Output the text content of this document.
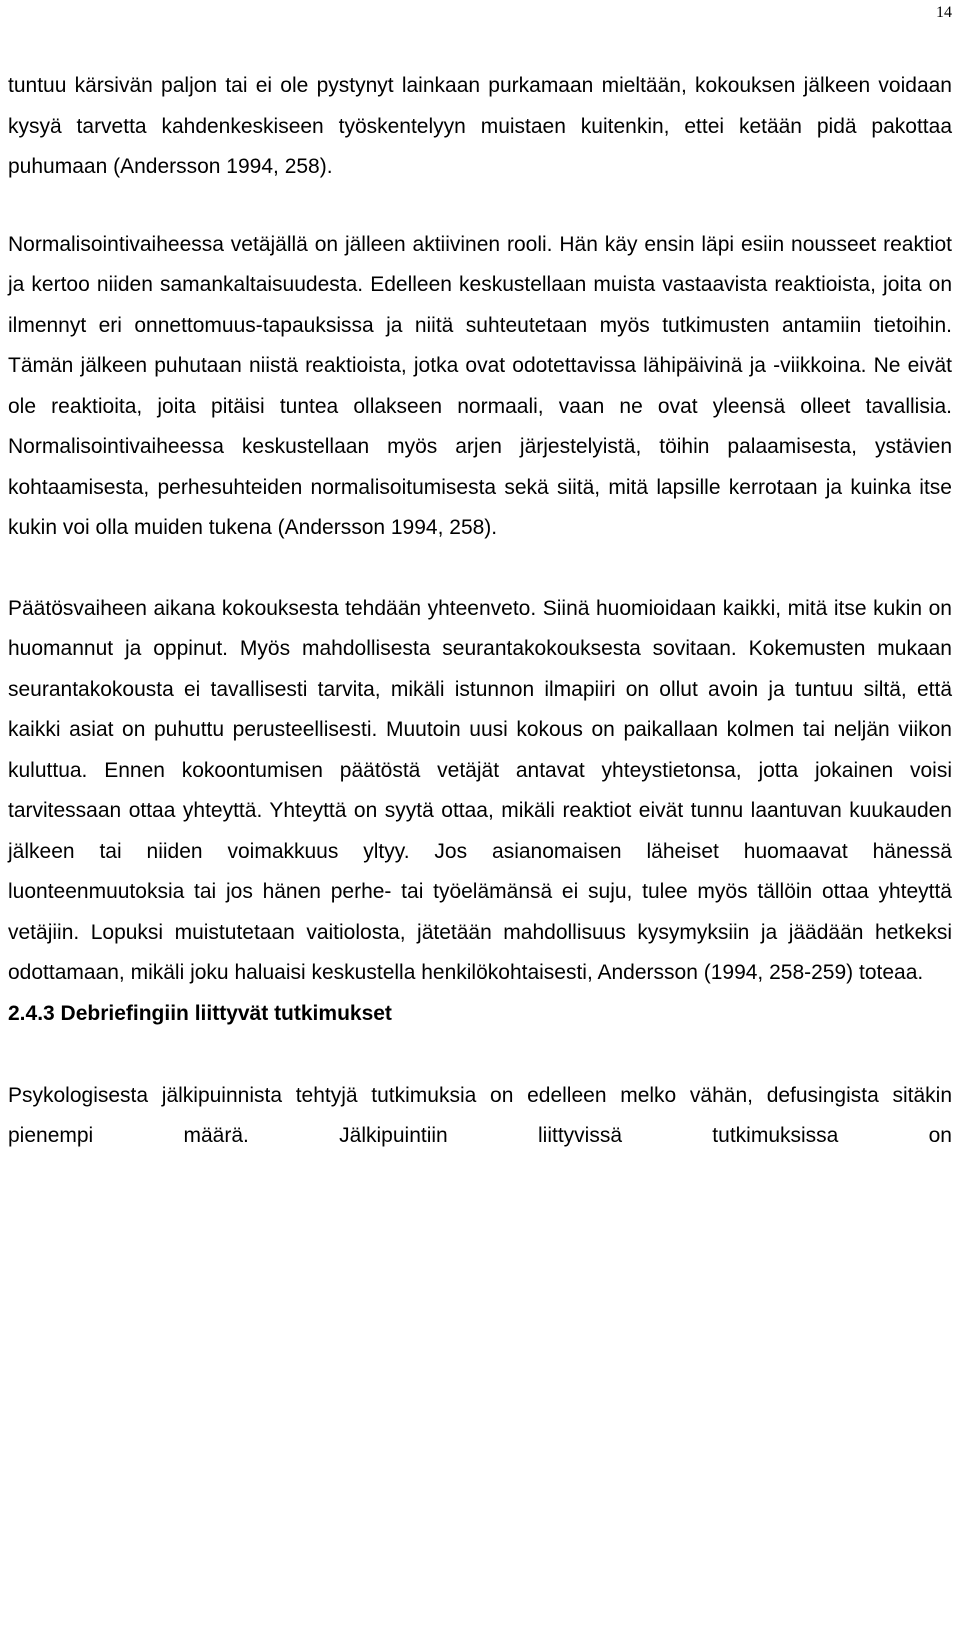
14

tuntuu kärsivän paljon tai ei ole pystynyt lainkaan purkamaan mieltään, kokouksen jälkeen voidaan kysyä tarvetta kahdenkeskiseen työskentelyyn muistaen kuitenkin, ettei ketään pidä pakottaa puhumaan (Andersson 1994, 258).

Normalisointivaiheessa vetäjällä on jälleen aktiivinen rooli. Hän käy ensin läpi esiin nousseet reaktiot ja kertoo niiden samankaltaisuudesta. Edelleen keskustellaan muista vastaavista reaktioista, joita on ilmennyt eri onnettomuus-tapauksissa ja niitä suhteutetaan myös tutkimusten antamiin tietoihin. Tämän jälkeen puhutaan niistä reaktioista, jotka ovat odotettavissa lähipäivinä ja -viikkoina. Ne eivät ole reaktioita, joita pitäisi tuntea ollakseen normaali, vaan ne ovat yleensä olleet tavallisia. Normalisointivaiheessa keskustellaan myös arjen järjestelyistä, töihin palaamisesta, ystävien kohtaamisesta, perhesuhteiden normalisoitumisesta sekä siitä, mitä lapsille kerrotaan ja kuinka itse kukin voi olla muiden tukena (Andersson 1994, 258).

Päätösvaiheen aikana kokouksesta tehdään yhteenveto. Siinä huomioidaan kaikki, mitä itse kukin on huomannut ja oppinut. Myös mahdollisesta seurantakokouksesta sovitaan. Kokemusten mukaan seurantakokousta ei tavallisesti tarvita, mikäli istunnon ilmapiiri on ollut avoin ja tuntuu siltä, että kaikki asiat on puhuttu perusteellisesti. Muutoin uusi kokous on paikallaan kolmen tai neljän viikon kuluttua. Ennen kokoontumisen päätöstä vetäjät antavat yhteystietonsa, jotta jokainen voisi tarvitessaan ottaa yhteyttä. Yhteyttä on syytä ottaa, mikäli reaktiot eivät tunnu laantuvan kuukauden jälkeen tai niiden voimakkuus yltyy. Jos asianomaisen läheiset huomaavat hänessä luonteenmuutoksia tai jos hänen perhe- tai työelämänsä ei suju, tulee myös tällöin ottaa yhteyttä vetäjiin. Lopuksi muistutetaan vaitiolosta, jätetään mahdollisuus kysymyksiin ja jäädään hetkeksi odottamaan, mikäli joku haluaisi keskustella henkilökohtaisesti, Andersson (1994, 258-259) toteaa.

2.4.3 Debriefingiin liittyvät tutkimukset

Psykologisesta jälkipuinnista tehtyjä tutkimuksia on edelleen melko vähän, defusingista sitäkin pienempi määrä. Jälkipuintiin liittyvissä tutkimuksissa on
